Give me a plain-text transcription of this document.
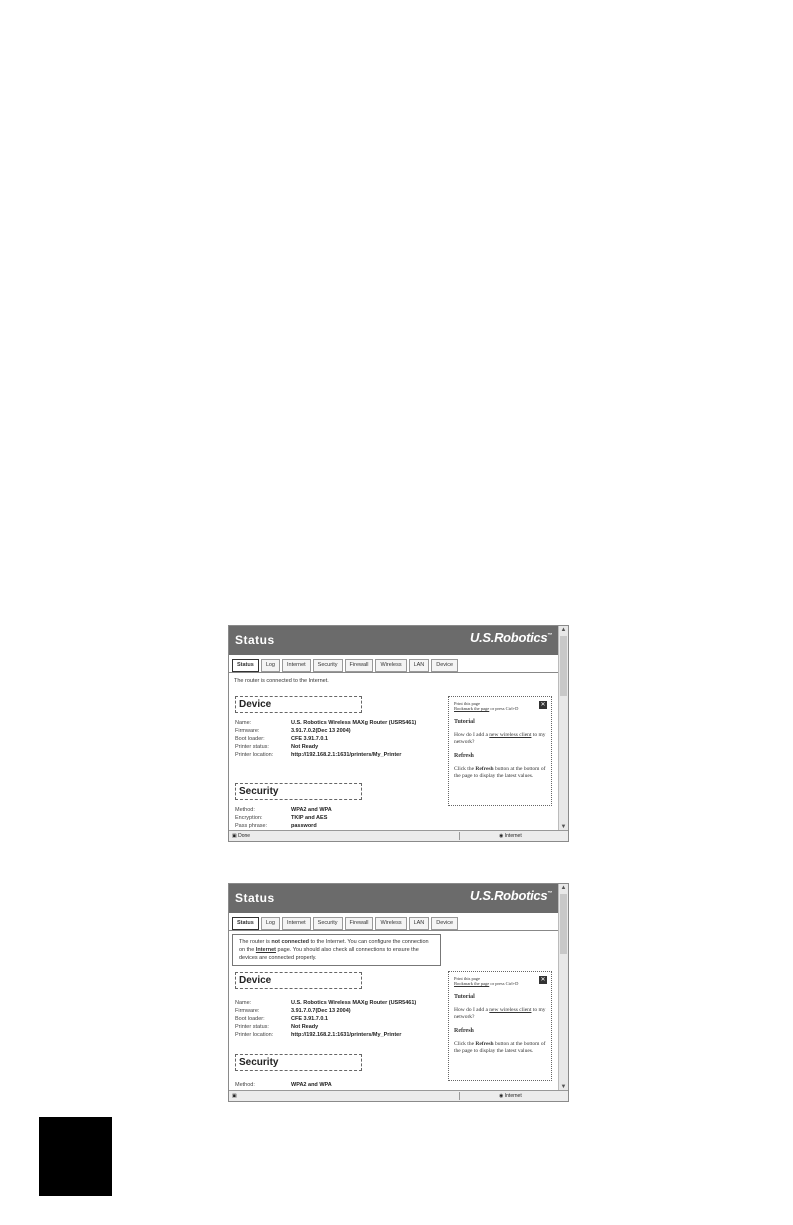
Status	U.S.Robotics™
▲
▼
Status	Log	Internet	Security	Firewall	Wireless	LAN	Device
The router is connected to the Internet.
Device
Name:	U.S. Robotics Wireless MAXg Router (USR5461)
Firmware:	3.91.7.0.2(Dec 13 2004)
Boot loader:	CFE 3.91.7.0.1
Printer status:	Not Ready
Printer location:	http://192.168.2.1:1631/printers/My_Printer
Security
Method:	WPA2 and WPA
Encryption:	TKIP and AES
Pass phrase:	password
✕
Print this page
Bookmark the page or press Ctrl+D
Tutorial
How do I add a new wireless client to my network?
Refresh
Click the Refresh button at the bottom of the page to display the latest values.
▣ Done	◉ Internet
Status	U.S.Robotics™
▲
▼
Status	Log	Internet	Security	Firewall	Wireless	LAN	Device
The router is not connected to the Internet. You can configure the connection on the Internet page. You should also check all connections to ensure the devices are connected properly.
Device
Name:	U.S. Robotics Wireless MAXg Router (USR5461)
Firmware:	3.91.7.0.7(Dec 13 2004)
Boot loader:	CFE 3.91.7.0.1
Printer status:	Not Ready
Printer location:	http://192.168.2.1:1631/printers/My_Printer
Security
Method:	WPA2 and WPA
✕
Print this page
Bookmark the page or press Ctrl+D
Tutorial
How do I add a new wireless client to my network?
Refresh
Click the Refresh button at the bottom of the page to display the latest values.
▣	◉ Internet
